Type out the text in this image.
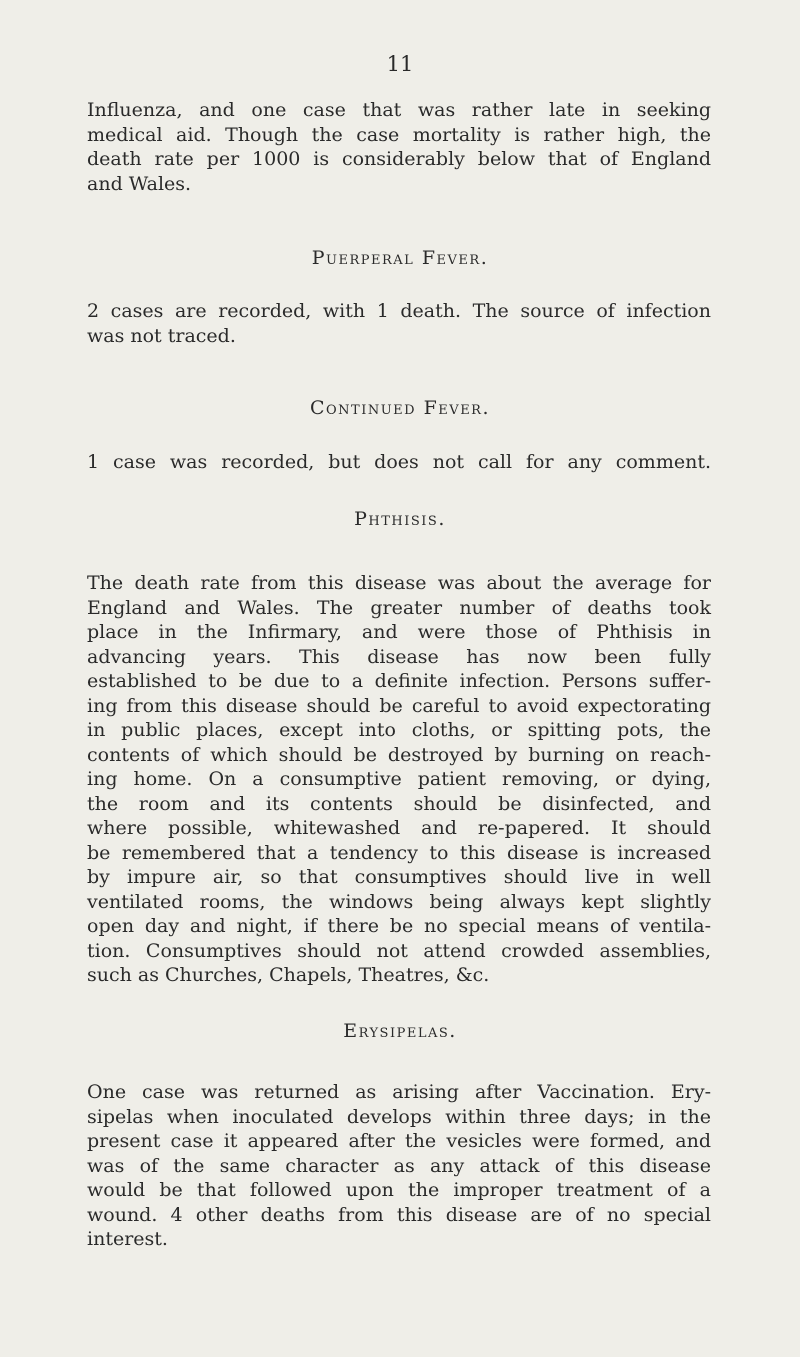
11
Influenza, and one case that was rather late in seeking
medical aid. Though the case mortality is rather high, the
death rate per 1000 is considerably below that of England
and Wales.
Puerperal Fever.
2 cases are recorded, with 1 death. The source of infection
was not traced.
Continued Fever.
1 case was recorded, but does not call for any comment.
Phthisis.
The death rate from this disease was about the average for
England and Wales. The greater number of deaths took
place in the Infirmary, and were those of Phthisis in
advancing years. This disease has now been fully
established to be due to a definite infection. Persons suffer-
ing from this disease should be careful to avoid expectorating
in public places, except into cloths, or spitting pots, the
contents of which should be destroyed by burning on reach-
ing home. On a consumptive patient removing, or dying,
the room and its contents should be disinfected, and
where possible, whitewashed and re-papered. It should
be remembered that a tendency to this disease is increased
by impure air, so that consumptives should live in well
ventilated rooms, the windows being always kept slightly
open day and night, if there be no special means of ventila-
tion. Consumptives should not attend crowded assemblies,
such as Churches, Chapels, Theatres, &c.
Erysipelas.
One case was returned as arising after Vaccination. Ery-
sipelas when inoculated develops within three days; in the
present case it appeared after the vesicles were formed, and
was of the same character as any attack of this disease
would be that followed upon the improper treatment of a
wound. 4 other deaths from this disease are of no special
interest.
